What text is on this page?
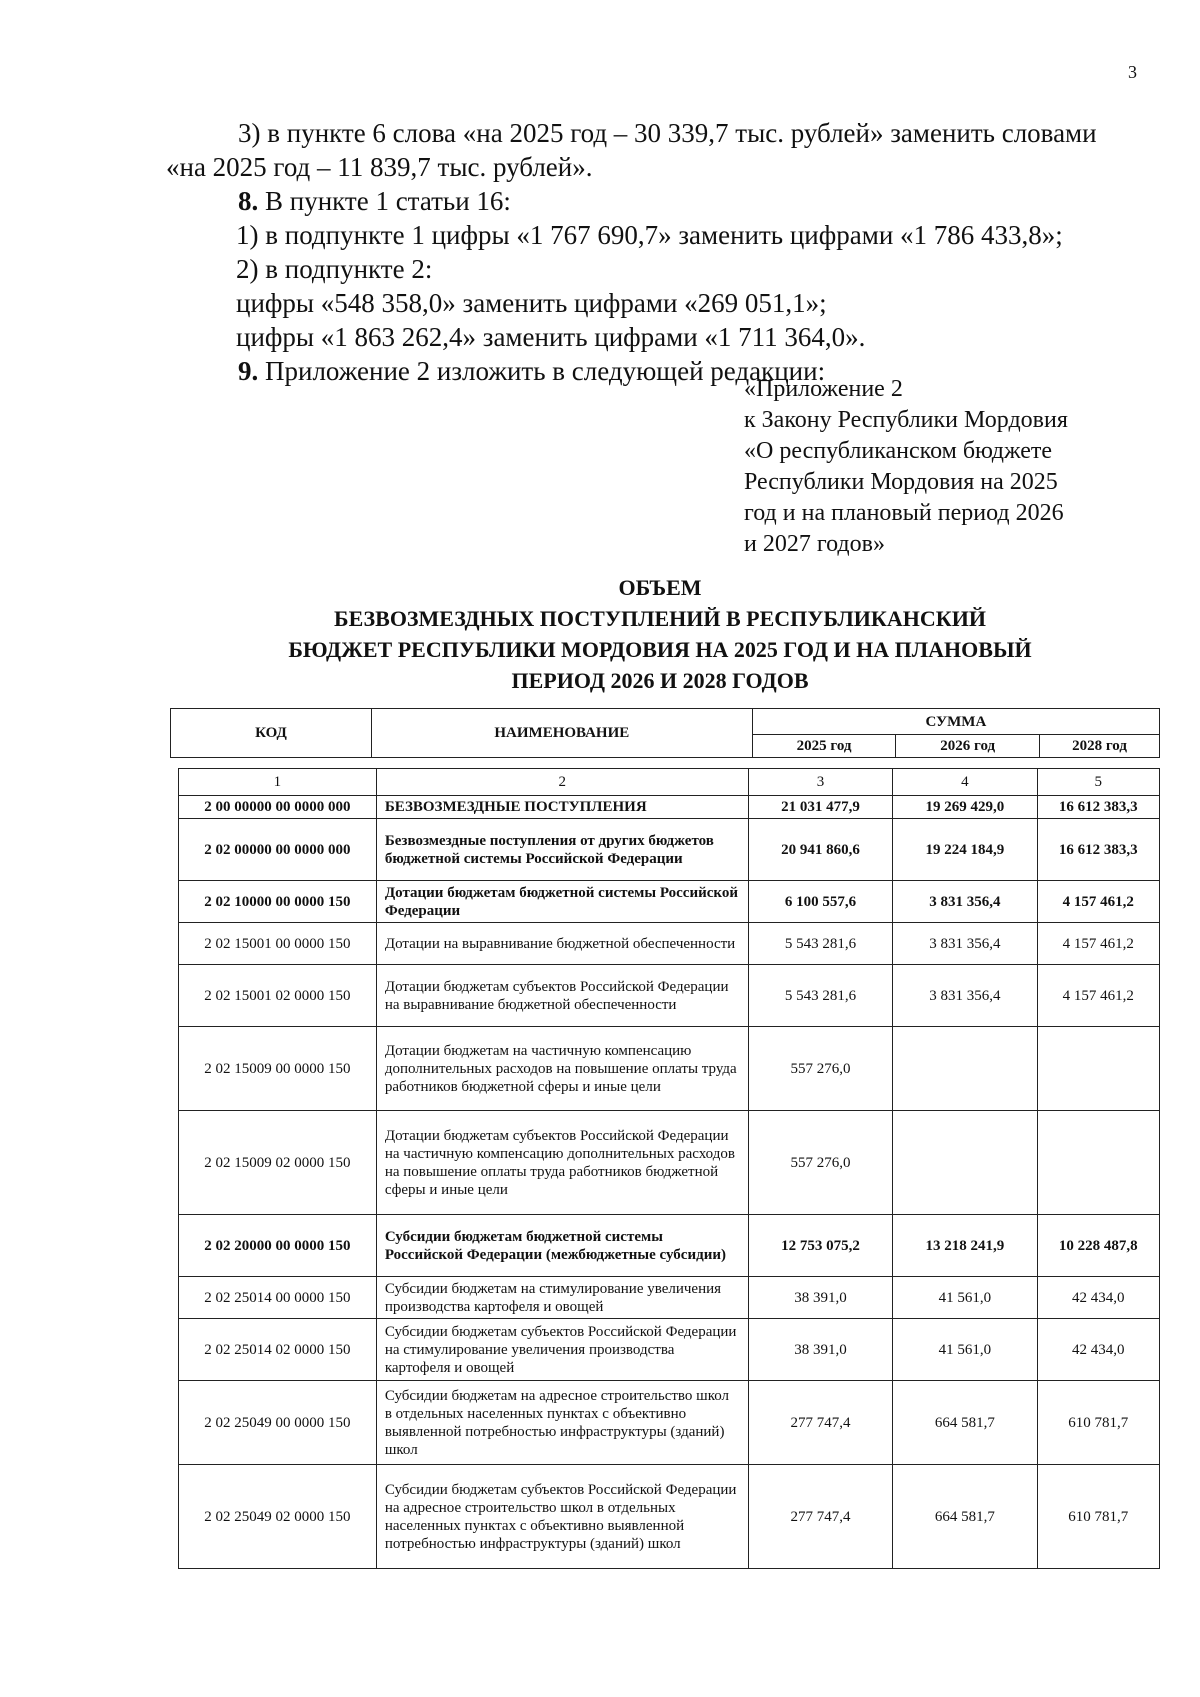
3

3) в пункте 6 слова «на 2025 год – 30 339,7 тыс. рублей» заменить словами

«на 2025 год – 11 839,7 тыс. рублей».

8. В пункте 1 статьи 16:

1) в подпункте 1 цифры «1 767 690,7» заменить цифрами «1 786 433,8»;

2) в подпункте 2:

цифры «548 358,0» заменить цифрами «269 051,1»;

цифры «1 863 262,4» заменить цифрами «1 711 364,0».

9. Приложение 2 изложить в следующей редакции:

«Приложение 2
к Закону Республики Мордовия
«О республиканском бюджете
Республики Мордовия на 2025
год и на плановый период 2026
и 2027 годов»
ОБЪЕМ
БЕЗВОЗМЕЗДНЫХ ПОСТУПЛЕНИЙ В РЕСПУБЛИКАНСКИЙ
БЮДЖЕТ РЕСПУБЛИКИ МОРДОВИЯ НА 2025 ГОД И НА ПЛАНОВЫЙ
ПЕРИОД 2026 И 2028 ГОДОВ
КОД	НАИМЕНОВАНИЕ	СУММА		
		2025 год	2026 год	2028 год
1	2	3	4	5
2 00 00000 00 0000 000	БЕЗВОЗМЕЗДНЫЕ ПОСТУПЛЕНИЯ	21 031 477,9	19 269 429,0	16 612 383,3
2 02 00000 00 0000 000	Безвозмездные поступления от других бюджетов бюджетной системы Российской Федерации	20 941 860,6	19 224 184,9	16 612 383,3
2 02 10000 00 0000 150	Дотации бюджетам бюджетной системы Российской Федерации	6 100 557,6	3 831 356,4	4 157 461,2
2 02 15001 00 0000 150	Дотации на выравнивание бюджетной обеспеченности	5 543 281,6	3 831 356,4	4 157 461,2
2 02 15001 02 0000 150	Дотации бюджетам субъектов Российской Федерации на выравнивание бюджетной обеспеченности	5 543 281,6	3 831 356,4	4 157 461,2
2 02 15009 00 0000 150	Дотации бюджетам на частичную компенсацию дополнительных расходов на повышение оплаты труда работников бюджетной сферы и иные цели	557 276,0		
2 02 15009 02 0000 150	Дотации бюджетам субъектов Российской Федерации на частичную компенсацию дополнительных расходов на повышение оплаты труда работников бюджетной сферы и иные цели	557 276,0		
2 02 20000 00 0000 150	Субсидии бюджетам бюджетной системы Российской Федерации (межбюджетные субсидии)	12 753 075,2	13 218 241,9	10 228 487,8
2 02 25014 00 0000 150	Субсидии бюджетам на стимулирование увеличения производства картофеля и овощей	38 391,0	41 561,0	42 434,0
2 02 25014 02 0000 150	Субсидии бюджетам субъектов Российской Федерации на стимулирование увеличения производства картофеля и овощей	38 391,0	41 561,0	42 434,0
2 02 25049 00 0000 150	Субсидии бюджетам на адресное строительство школ в отдельных населенных пунктах с объективно выявленной потребностью инфраструктуры (зданий) школ	277 747,4	664 581,7	610 781,7
2 02 25049 02 0000 150	Субсидии бюджетам субъектов Российской Федерации на адресное строительство школ в отдельных населенных пунктах с объективно выявленной потребностью инфраструктуры (зданий) школ	277 747,4	664 581,7	610 781,7
